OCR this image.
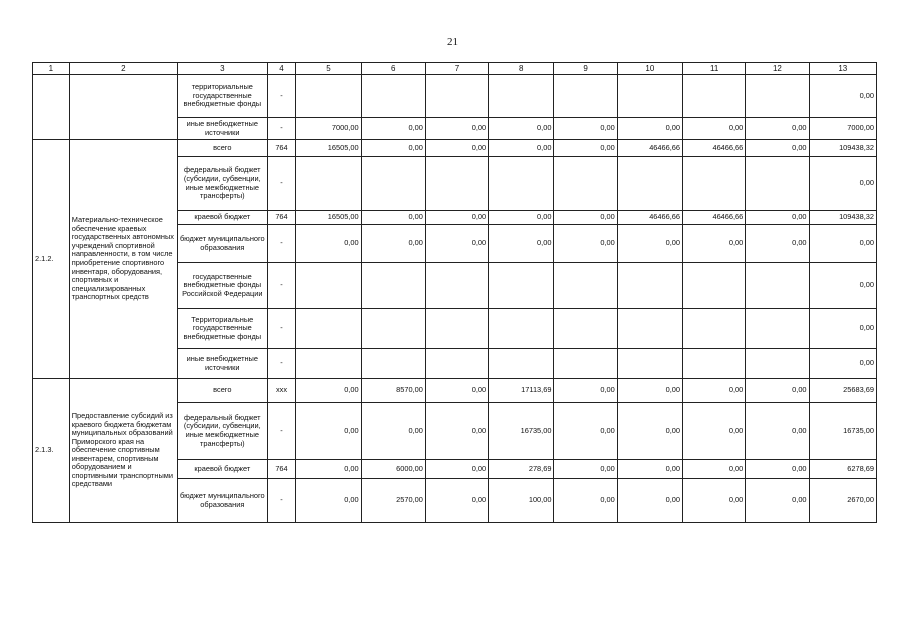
21
1	2	3	4	5	6	7	8	9	10	11	12	13
		территориальные государственные внебюджетные фонды	-									0,00
		иные внебюджетные источники	-	7000,00	0,00	0,00	0,00	0,00	0,00	0,00	0,00	7000,00
2.1.2.	Материально-техническое обеспечение краевых государственных автономных учреждений спортивной направленности, в том числе приобретение спортивного инвентаря, оборудования, спортивных и специализированных транспортных средств	всего	764	16505,00	0,00	0,00	0,00	0,00	46466,66	46466,66	0,00	109438,32
		федеральный бюджет (субсидии, субвенции, иные межбюджетные трансферты)	-									0,00
		краевой бюджет	764	16505,00	0,00	0,00	0,00	0,00	46466,66	46466,66	0,00	109438,32
		бюджет муниципального образования	-	0,00	0,00	0,00	0,00	0,00	0,00	0,00	0,00	0,00
		государственные внебюджетные фонды Российской Федерации	-									0,00
		Территориальные государственные внебюджетные фонды	-									0,00
		иные внебюджетные источники	-									0,00
2.1.3.	Предоставление субсидий из краевого бюджета бюджетам муниципальных образований Приморского края на обеспечение спортивным инвентарем, спортивным оборудованием и спортивными транспортными средствами	всего	ххх	0,00	8570,00	0,00	17113,69	0,00	0,00	0,00	0,00	25683,69
		федеральный бюджет (субсидии, субвенции, иные межбюджетные трансферты)	-	0,00	0,00	0,00	16735,00	0,00	0,00	0,00	0,00	16735,00
		краевой бюджет	764	0,00	6000,00	0,00	278,69	0,00	0,00	0,00	0,00	6278,69
		бюджет муниципального образования	-	0,00	2570,00	0,00	100,00	0,00	0,00	0,00	0,00	2670,00
